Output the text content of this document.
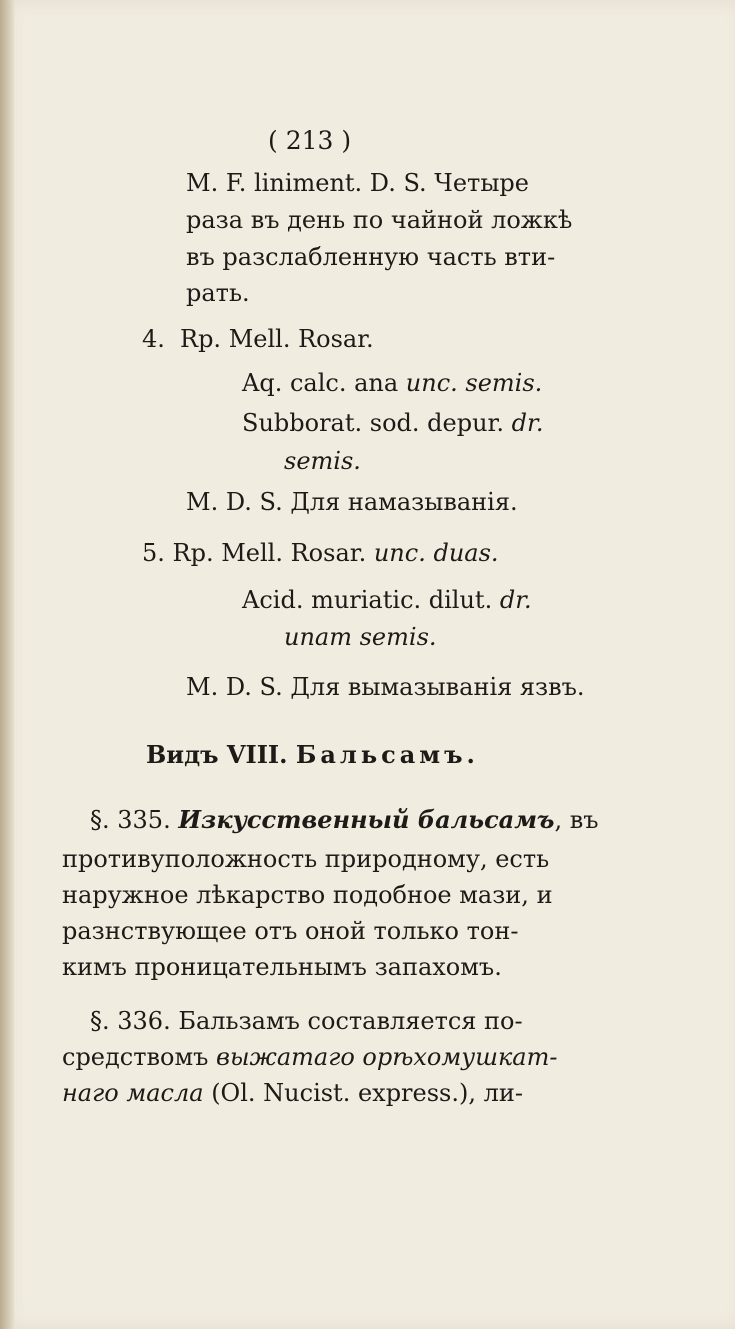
( 213 )
M. F. liniment. D. S. Четыре
раза въ день по чайной ложкѣ
въ разслабленную часть вти-
рать.
4. Rp. Mell. Rosar.
Aq. calc. ana unc. semis.
Subborat. sod. depur. dr.
semis.
M. D. S. Для намазыванія.
5. Rp. Mell. Rosar. unc. duas.
Acid. muriatic. dilut. dr.
unam semis.
M. D. S. Для вымазыванія язвъ.
Видъ VIII. Бальсамъ.
§. 335. Изкусственный бальсамъ, въ
противуположность природному, есть
наружное лѣкарство подобное мази, и
разнствующее отъ оной только тон-
кимъ проницательнымъ запахомъ.
§. 336. Бальзамъ составляется по-
средствомъ выжатаго орѣхомушкат-
наго масла (Ol. Nucist. express.), ли-
